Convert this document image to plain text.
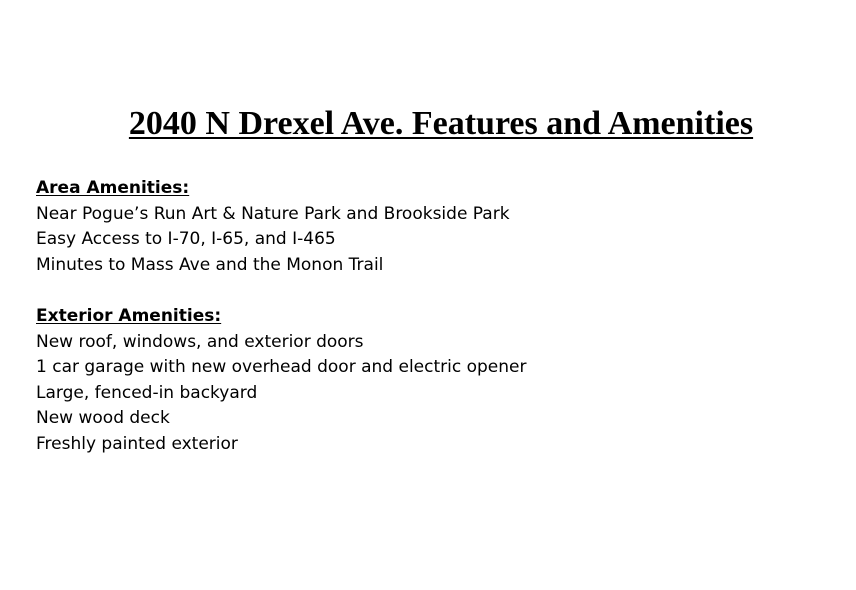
2040 N Drexel Ave. Features and Amenities
Area Amenities:
Near Pogue’s Run Art & Nature Park and Brookside Park
Easy Access to I-70, I-65, and I-465
Minutes to Mass Ave and the Monon Trail
Exterior Amenities:
New roof, windows, and exterior doors
1 car garage with new overhead door and electric opener
Large, fenced-in backyard
New wood deck
Freshly painted exterior
